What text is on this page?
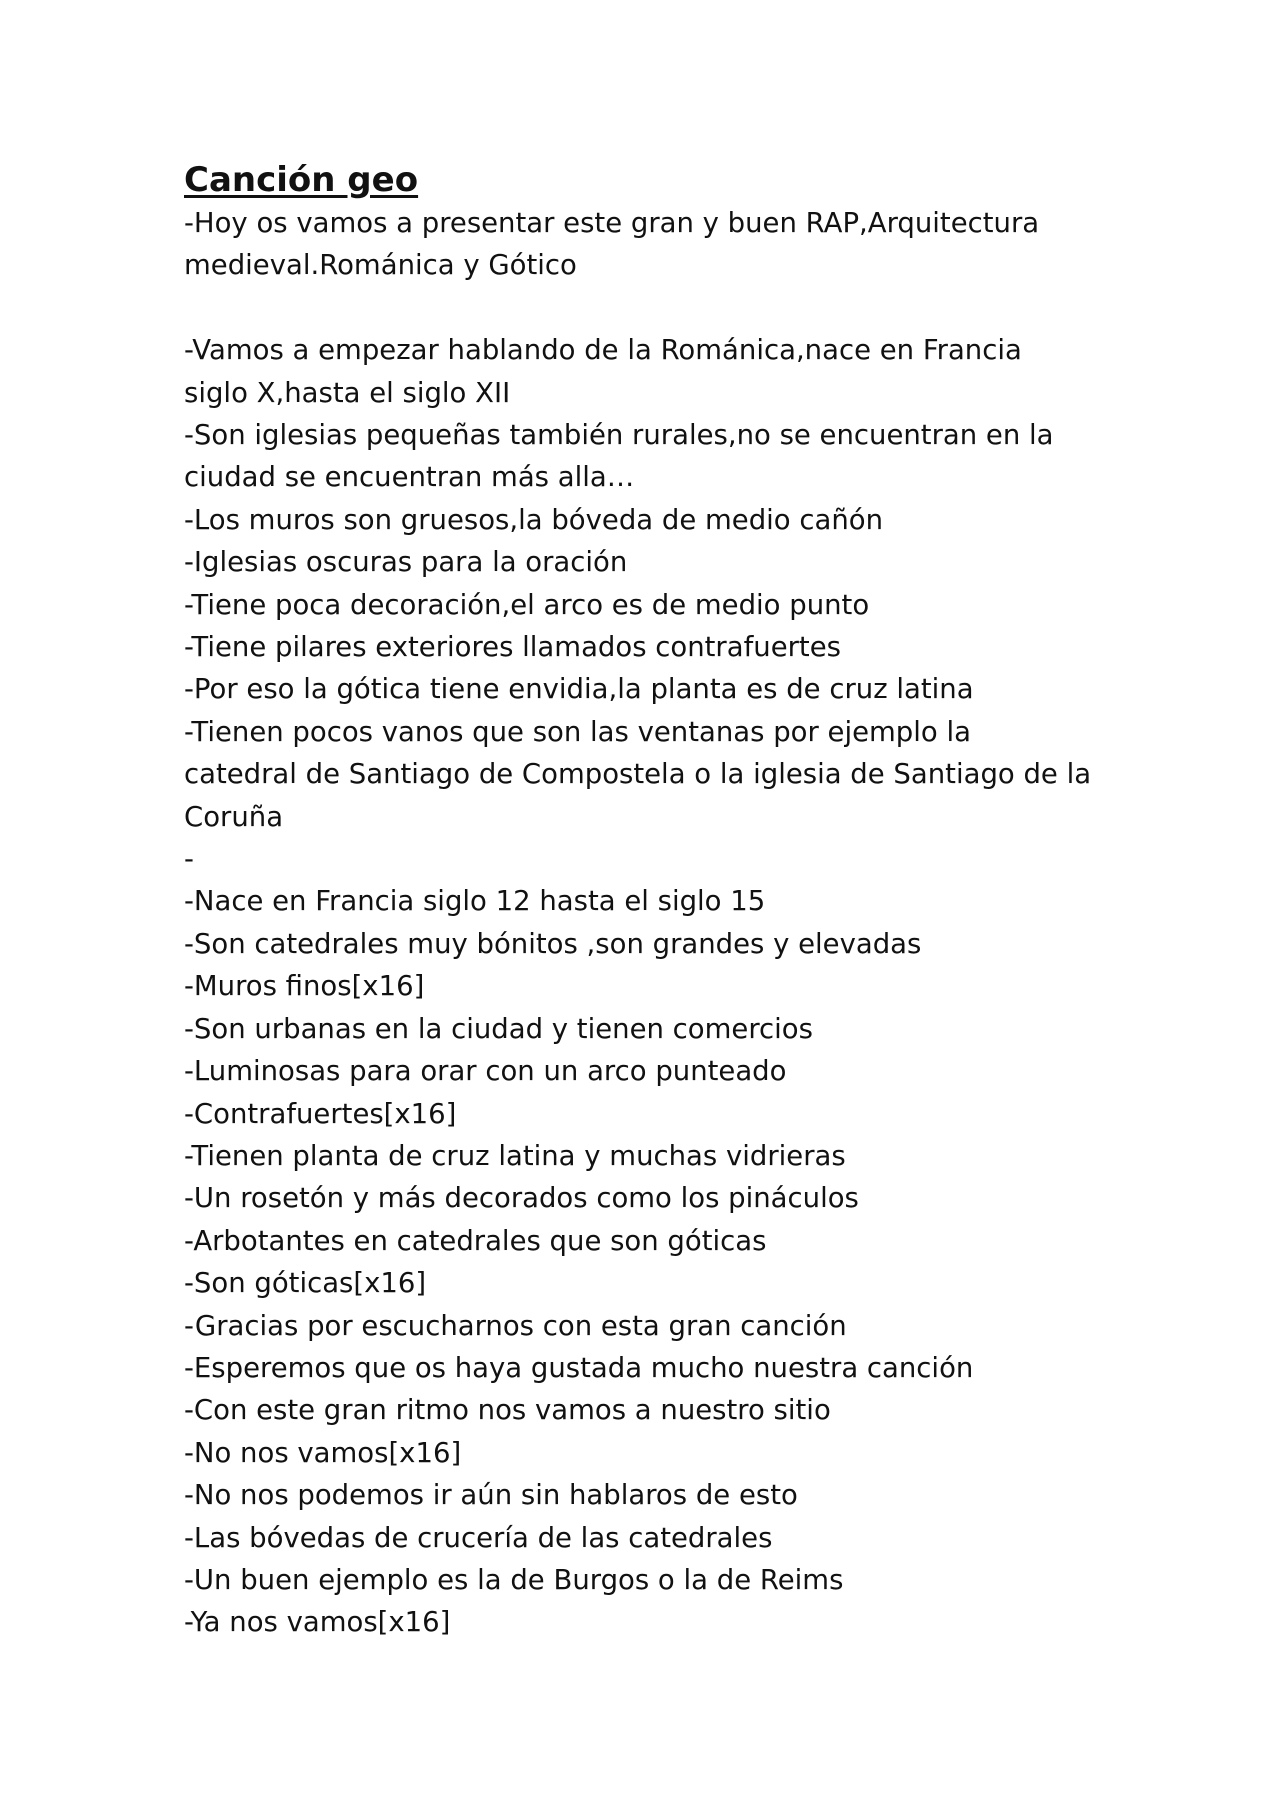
Canción geo

-Hoy os vamos a presentar este gran y buen RAP,Arquitectura

medieval.Románica y Gótico

-Vamos a empezar hablando de la Románica,nace en Francia

siglo X,hasta el siglo XII

-Son iglesias pequeñas también rurales,no se encuentran en la

ciudad se encuentran más alla…

-Los muros son gruesos,la bóveda de medio cañón

-Iglesias oscuras para la oración

-Tiene poca decoración,el arco es de medio punto

-Tiene pilares exteriores llamados contrafuertes

-Por eso la gótica tiene envidia,la planta es de cruz latina

-Tienen pocos vanos que son las ventanas por ejemplo la

catedral de Santiago de Compostela o la iglesia de Santiago de la

Coruña

-

-Nace en Francia siglo 12 hasta el siglo 15

-Son catedrales muy bónitos ,son grandes y elevadas

-Muros finos[x16]

-Son urbanas en la ciudad y tienen comercios

-Luminosas para orar con un arco punteado

-Contrafuertes[x16]

-Tienen planta de cruz latina y muchas vidrieras

-Un rosetón y más decorados como los pináculos

-Arbotantes en catedrales que son góticas

-Son góticas[x16]

-Gracias por escucharnos con esta gran canción

-Esperemos que os haya gustada mucho nuestra canción

-Con este gran ritmo nos vamos a nuestro sitio

-No nos vamos[x16]

-No nos podemos ir aún sin hablaros de esto

-Las bóvedas de crucería de las catedrales

-Un buen ejemplo es la de Burgos o la de Reims

-Ya nos vamos[x16]
